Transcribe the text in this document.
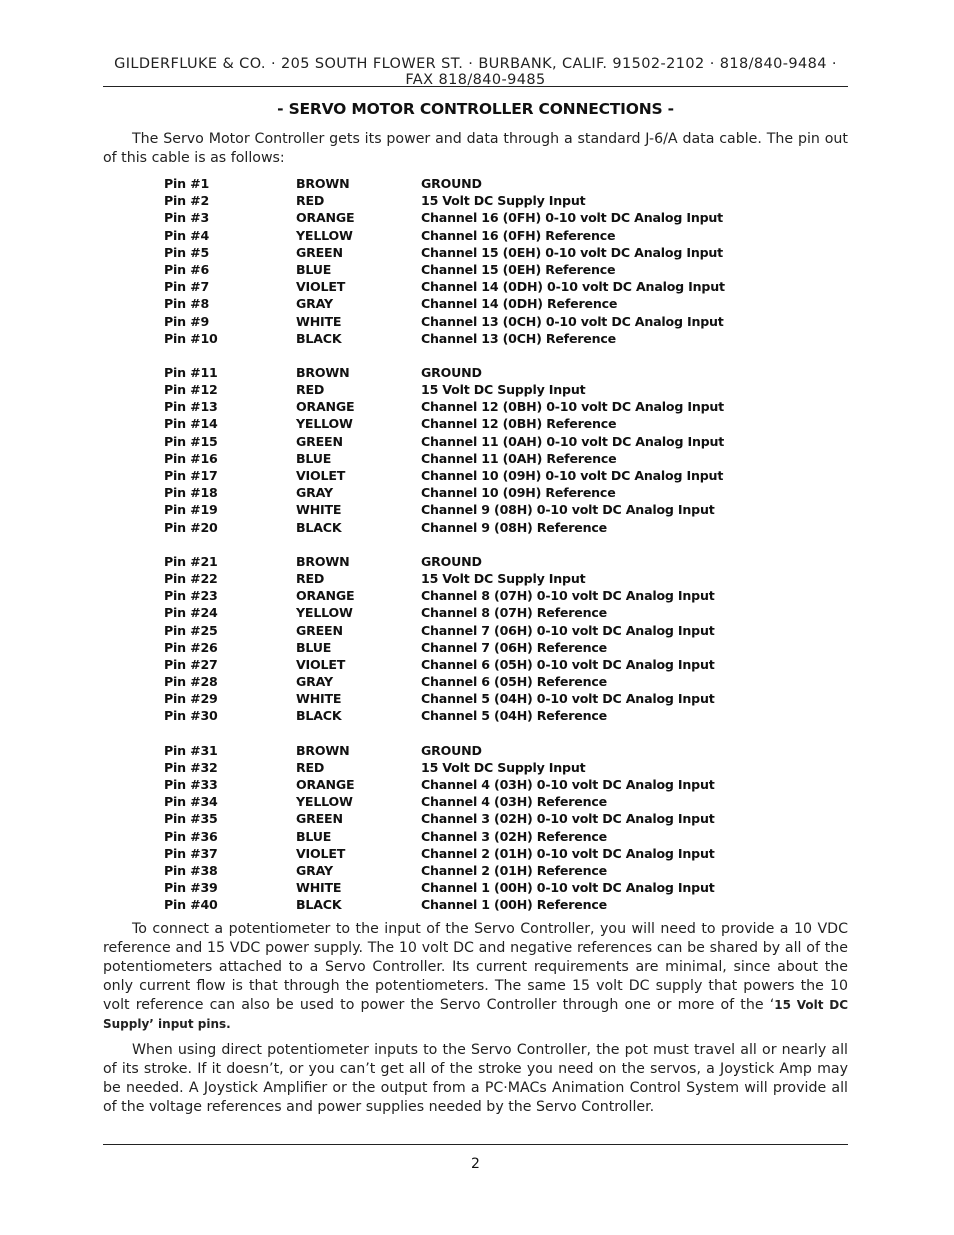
GILDERFLUKE & CO. · 205 SOUTH FLOWER ST. · BURBANK, CALIF. 91502-2102 · 818/840-9484 · FAX 818/840-9485
- SERVO MOTOR CONTROLLER CONNECTIONS -
The Servo Motor Controller gets its power and data through a standard J-6/A data cable. The pin out of this cable is as follows:
Pin #1	BROWN	GROUND
Pin #2	RED	15 Volt DC Supply Input
Pin #3	ORANGE	Channel 16 (0FH) 0-10 volt DC Analog Input
Pin #4	YELLOW	Channel 16 (0FH) Reference
Pin #5	GREEN	Channel 15 (0EH) 0-10 volt DC Analog Input
Pin #6	BLUE	Channel 15 (0EH) Reference
Pin #7	VIOLET	Channel 14 (0DH) 0-10 volt DC Analog Input
Pin #8	GRAY	Channel 14 (0DH) Reference
Pin #9	WHITE	Channel 13 (0CH) 0-10 volt DC Analog Input
Pin #10	BLACK	Channel 13 (0CH) Reference
Pin #11	BROWN	GROUND
Pin #12	RED	15 Volt DC Supply Input
Pin #13	ORANGE	Channel 12 (0BH) 0-10 volt DC Analog Input
Pin #14	YELLOW	Channel 12 (0BH) Reference
Pin #15	GREEN	Channel 11 (0AH) 0-10 volt DC Analog Input
Pin #16	BLUE	Channel 11 (0AH) Reference
Pin #17	VIOLET	Channel 10 (09H) 0-10 volt DC Analog Input
Pin #18	GRAY	Channel 10 (09H) Reference
Pin #19	WHITE	Channel 9 (08H) 0-10 volt DC Analog Input
Pin #20	BLACK	Channel 9 (08H) Reference
Pin #21	BROWN	GROUND
Pin #22	RED	15 Volt DC Supply Input
Pin #23	ORANGE	Channel 8 (07H) 0-10 volt DC Analog Input
Pin #24	YELLOW	Channel 8 (07H) Reference
Pin #25	GREEN	Channel 7 (06H) 0-10 volt DC Analog Input
Pin #26	BLUE	Channel 7 (06H) Reference
Pin #27	VIOLET	Channel 6 (05H) 0-10 volt DC Analog Input
Pin #28	GRAY	Channel 6 (05H) Reference
Pin #29	WHITE	Channel 5 (04H) 0-10 volt DC Analog Input
Pin #30	BLACK	Channel 5 (04H) Reference
Pin #31	BROWN	GROUND
Pin #32	RED	15 Volt DC Supply Input
Pin #33	ORANGE	Channel 4 (03H) 0-10 volt DC Analog Input
Pin #34	YELLOW	Channel 4 (03H) Reference
Pin #35	GREEN	Channel 3 (02H) 0-10 volt DC Analog Input
Pin #36	BLUE	Channel 3 (02H) Reference
Pin #37	VIOLET	Channel 2 (01H) 0-10 volt DC Analog Input
Pin #38	GRAY	Channel 2 (01H) Reference
Pin #39	WHITE	Channel 1 (00H) 0-10 volt DC Analog Input
Pin #40	BLACK	Channel 1 (00H) Reference
To connect a potentiometer to the input of the Servo Controller, you will need to provide a 10 VDC reference and 15 VDC power supply. The 10 volt DC and negative references can be shared by all of the potentiometers attached to a Servo Controller. Its current requirements are minimal, since about the only current flow is that through the potentiometers. The same 15 volt DC supply that powers the 10 volt reference can also be used to power the Servo Controller through one or more of the ‘15 Volt DC Supply’ input pins.
When using direct potentiometer inputs to the Servo Controller, the pot must travel all or nearly all of its stroke. If it doesn’t, or you can’t get all of the stroke you need on the servos, a Joystick Amp may be needed. A Joystick Amplifier or the output from a PC·MACs Animation Control System will provide all of the voltage references and power supplies needed by the Servo Controller.
2
